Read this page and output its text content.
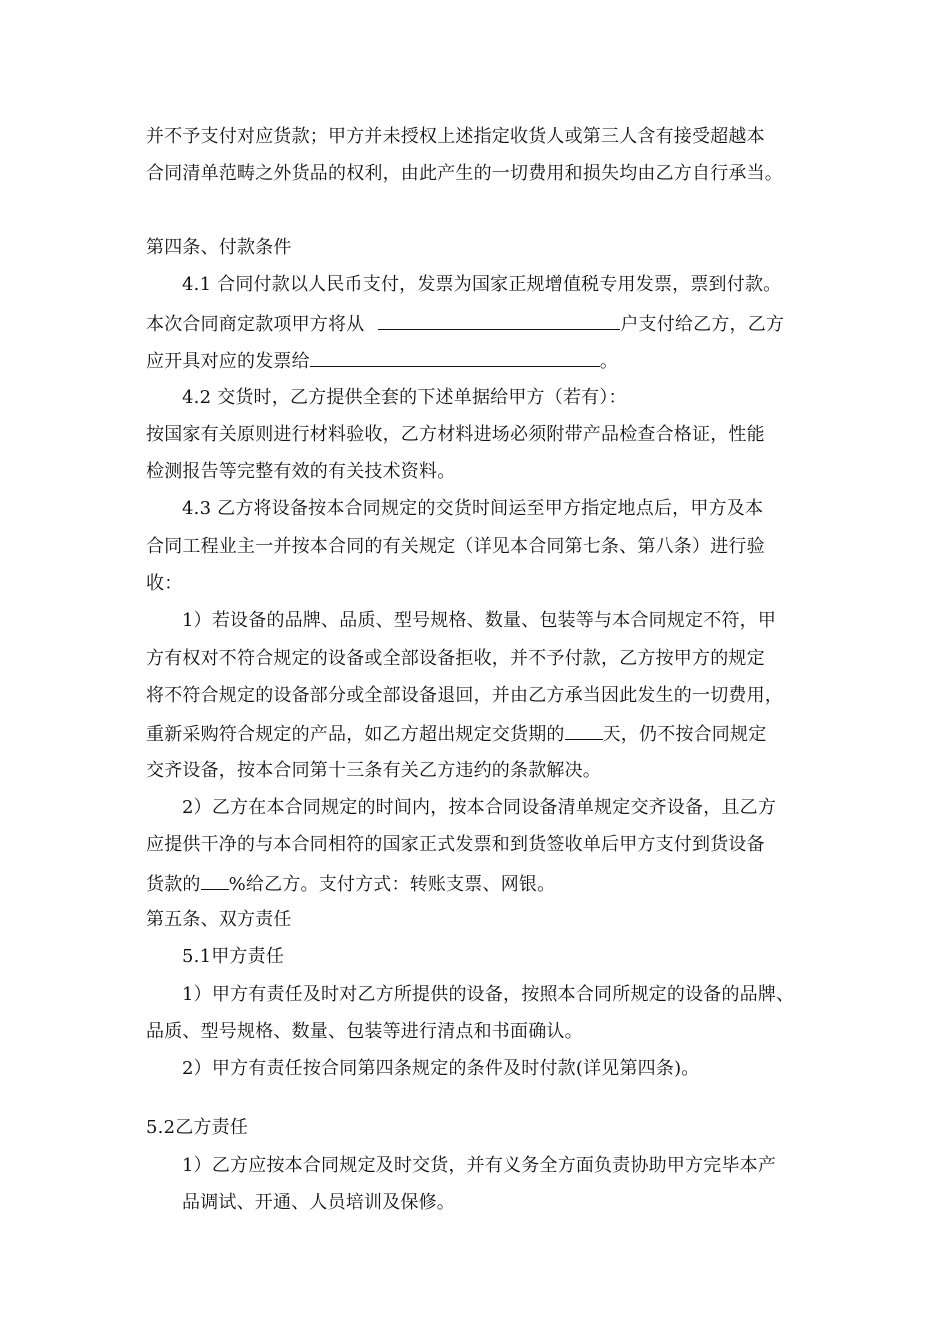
并不予支付对应货款；甲方并未授权上述指定收货人或第三人含有接受超越本
合同清单范畴之外货品的权利，由此产生的一切费用和损失均由乙方自行承当。
第四条、付款条件
4.1 合同付款以人民币支付，发票为国家正规增值税专用发票，票到付款。
本次合同商定款项甲方将从	户支付给乙方，乙方
应开具对应的发票给	。
4.2 交货时，乙方提供全套的下述单据给甲方（若有）：
按国家有关原则进行材料验收，乙方材料进场必须附带产品检查合格证，性能
检测报告等完整有效的有关技术资料。
4.3 乙方将设备按本合同规定的交货时间运至甲方指定地点后，甲方及本
合同工程业主一并按本合同的有关规定（详见本合同第七条、第八条）进行验
收：
1）若设备的品牌、品质、型号规格、数量、包装等与本合同规定不符，甲
方有权对不符合规定的设备或全部设备拒收，并不予付款，乙方按甲方的规定
将不符合规定的设备部分或全部设备退回，并由乙方承当因此发生的一切费用，
重新采购符合规定的产品，如乙方超出规定交货期的 天，仍不按合同规定
交齐设备，按本合同第十三条有关乙方违约的条款解决。
2）乙方在本合同规定的时间内，按本合同设备清单规定交齐设备，且乙方
应提供干净的与本合同相符的国家正式发票和到货签收单后甲方支付到货设备
货款的 %给乙方。支付方式：转账支票、网银。
第五条、双方责任
5.1甲方责任
1）甲方有责任及时对乙方所提供的设备，按照本合同所规定的设备的品牌、
品质、型号规格、数量、包装等进行清点和书面确认。
2）甲方有责任按合同第四条规定的条件及时付款(详见第四条)。
5.2乙方责任
1）乙方应按本合同规定及时交货，并有义务全方面负责协助甲方完毕本产
品调试、开通、人员培训及保修。
